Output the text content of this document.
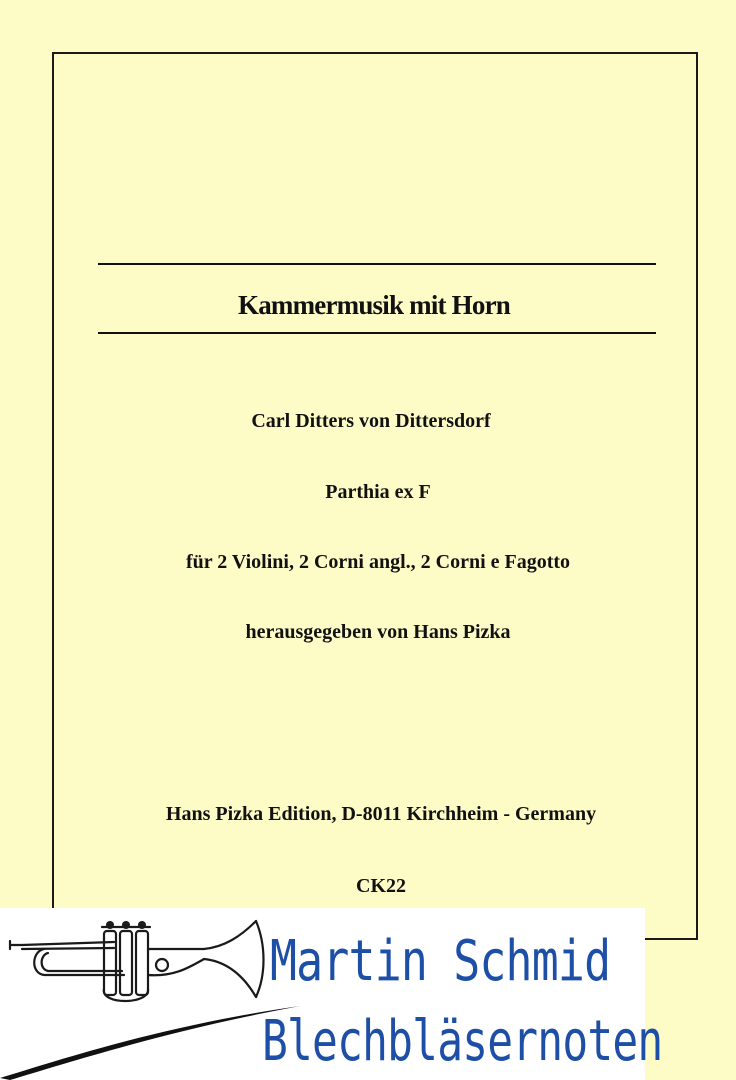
Kammermusik mit Horn
Carl Ditters von Dittersdorf
Parthia ex F
für 2 Violini, 2 Corni angl., 2 Corni e Fagotto
herausgegeben von Hans Pizka
Hans Pizka Edition, D-8011 Kirchheim - Germany
CK22
Martin Schmid
Blechbläsernoten
